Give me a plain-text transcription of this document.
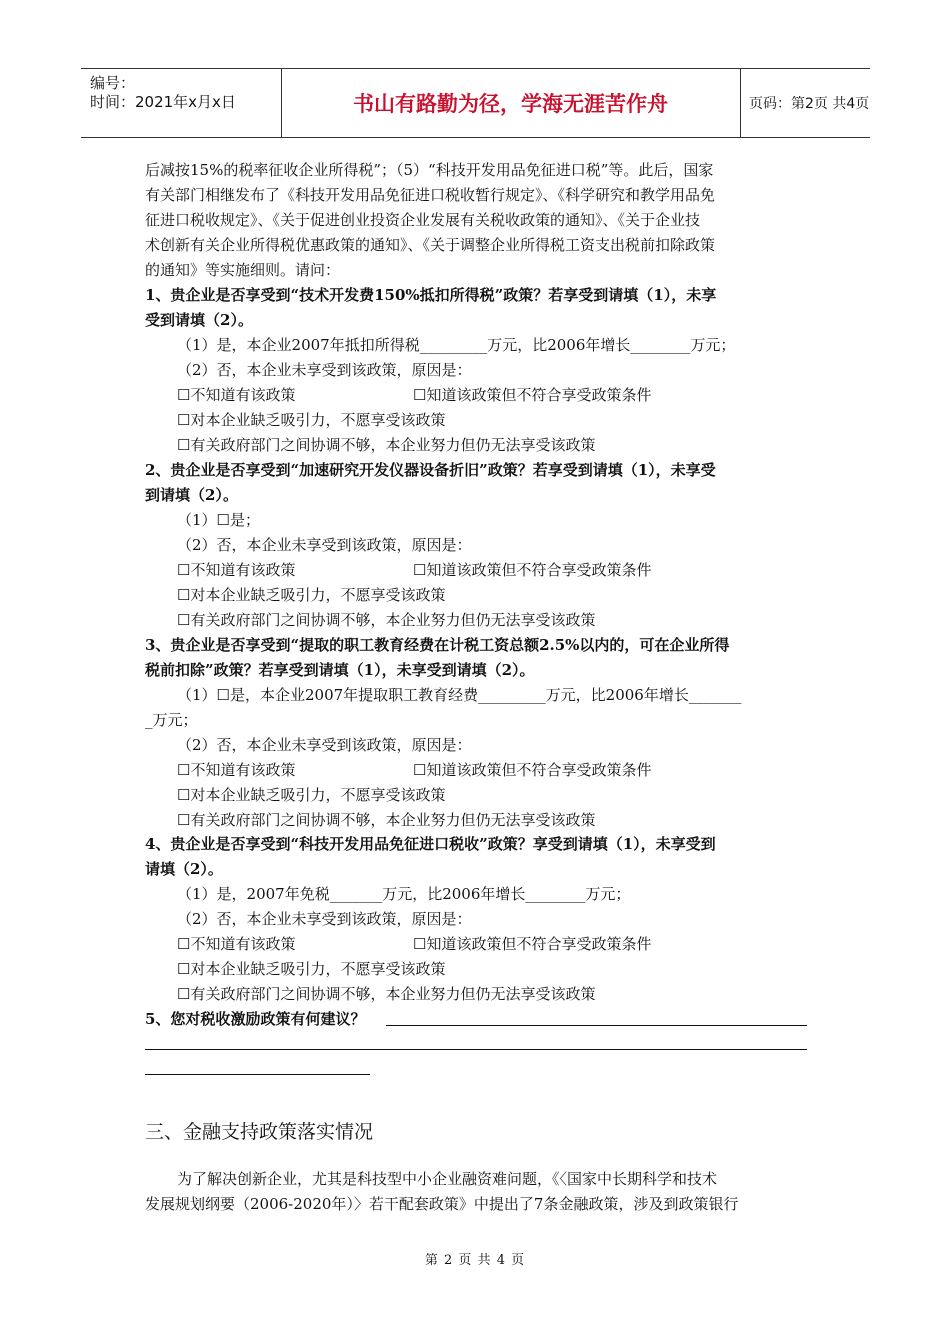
编号：
时间：2021年x月x日	书山有路勤为径，学海无涯苦作舟	页码：第2页 共4页
后减按15%的税率征收企业所得税”；（5）“科技开发用品免征进口税”等。此后，国家
有关部门相继发布了《科技开发用品免征进口税收暂行规定》、《科学研究和教学用品免
征进口税收规定》、《关于促进创业投资企业发展有关税收政策的通知》、《关于企业技
术创新有关企业所得税优惠政策的通知》、《关于调整企业所得税工资支出税前扣除政策
的通知》等实施细则。请问：
1、贵企业是否享受到“技术开发费150%抵扣所得税”政策？若享受到请填（1），未享
受到请填（2）。
（1）是，本企业2007年抵扣所得税_________万元，比2006年增长________万元；
（2）否，本企业未享受到该政策，原因是：
☐不知道有该政策	☐知道该政策但不符合享受政策条件
☐对本企业缺乏吸引力，不愿享受该政策
☐有关政府部门之间协调不够，本企业努力但仍无法享受该政策
2、贵企业是否享受到“加速研究开发仪器设备折旧”政策？若享受到请填（1），未享受
到请填（2）。
（1）☐是；
（2）否，本企业未享受到该政策，原因是：
☐不知道有该政策	☐知道该政策但不符合享受政策条件
☐对本企业缺乏吸引力，不愿享受该政策
☐有关政府部门之间协调不够，本企业努力但仍无法享受该政策
3、贵企业是否享受到“提取的职工教育经费在计税工资总额2.5%以内的，可在企业所得
税前扣除”政策？若享受到请填（1），未享受到请填（2）。
（1）☐是，本企业2007年提取职工教育经费_________万元，比2006年增长_______
_万元；
（2）否，本企业未享受到该政策，原因是：
☐不知道有该政策	☐知道该政策但不符合享受政策条件
☐对本企业缺乏吸引力，不愿享受该政策
☐有关政府部门之间协调不够，本企业努力但仍无法享受该政策
4、贵企业是否享受到“科技开发用品免征进口税收”政策？享受到请填（1），未享受到
请填（2）。
（1）是，2007年免税_______万元，比2006年增长________万元；
（2）否，本企业未享受到该政策，原因是：
☐不知道有该政策	☐知道该政策但不符合享受政策条件
☐对本企业缺乏吸引力，不愿享受该政策
☐有关政府部门之间协调不够，本企业努力但仍无法享受该政策
5、您对税收激励政策有何建议？
三、金融支持政策落实情况
为了解决创新企业，尤其是科技型中小企业融资难问题，《〈国家中长期科学和技术
发展规划纲要（2006-2020年）〉若干配套政策》中提出了7条金融政策，涉及到政策银行
第 2 页 共 4 页
